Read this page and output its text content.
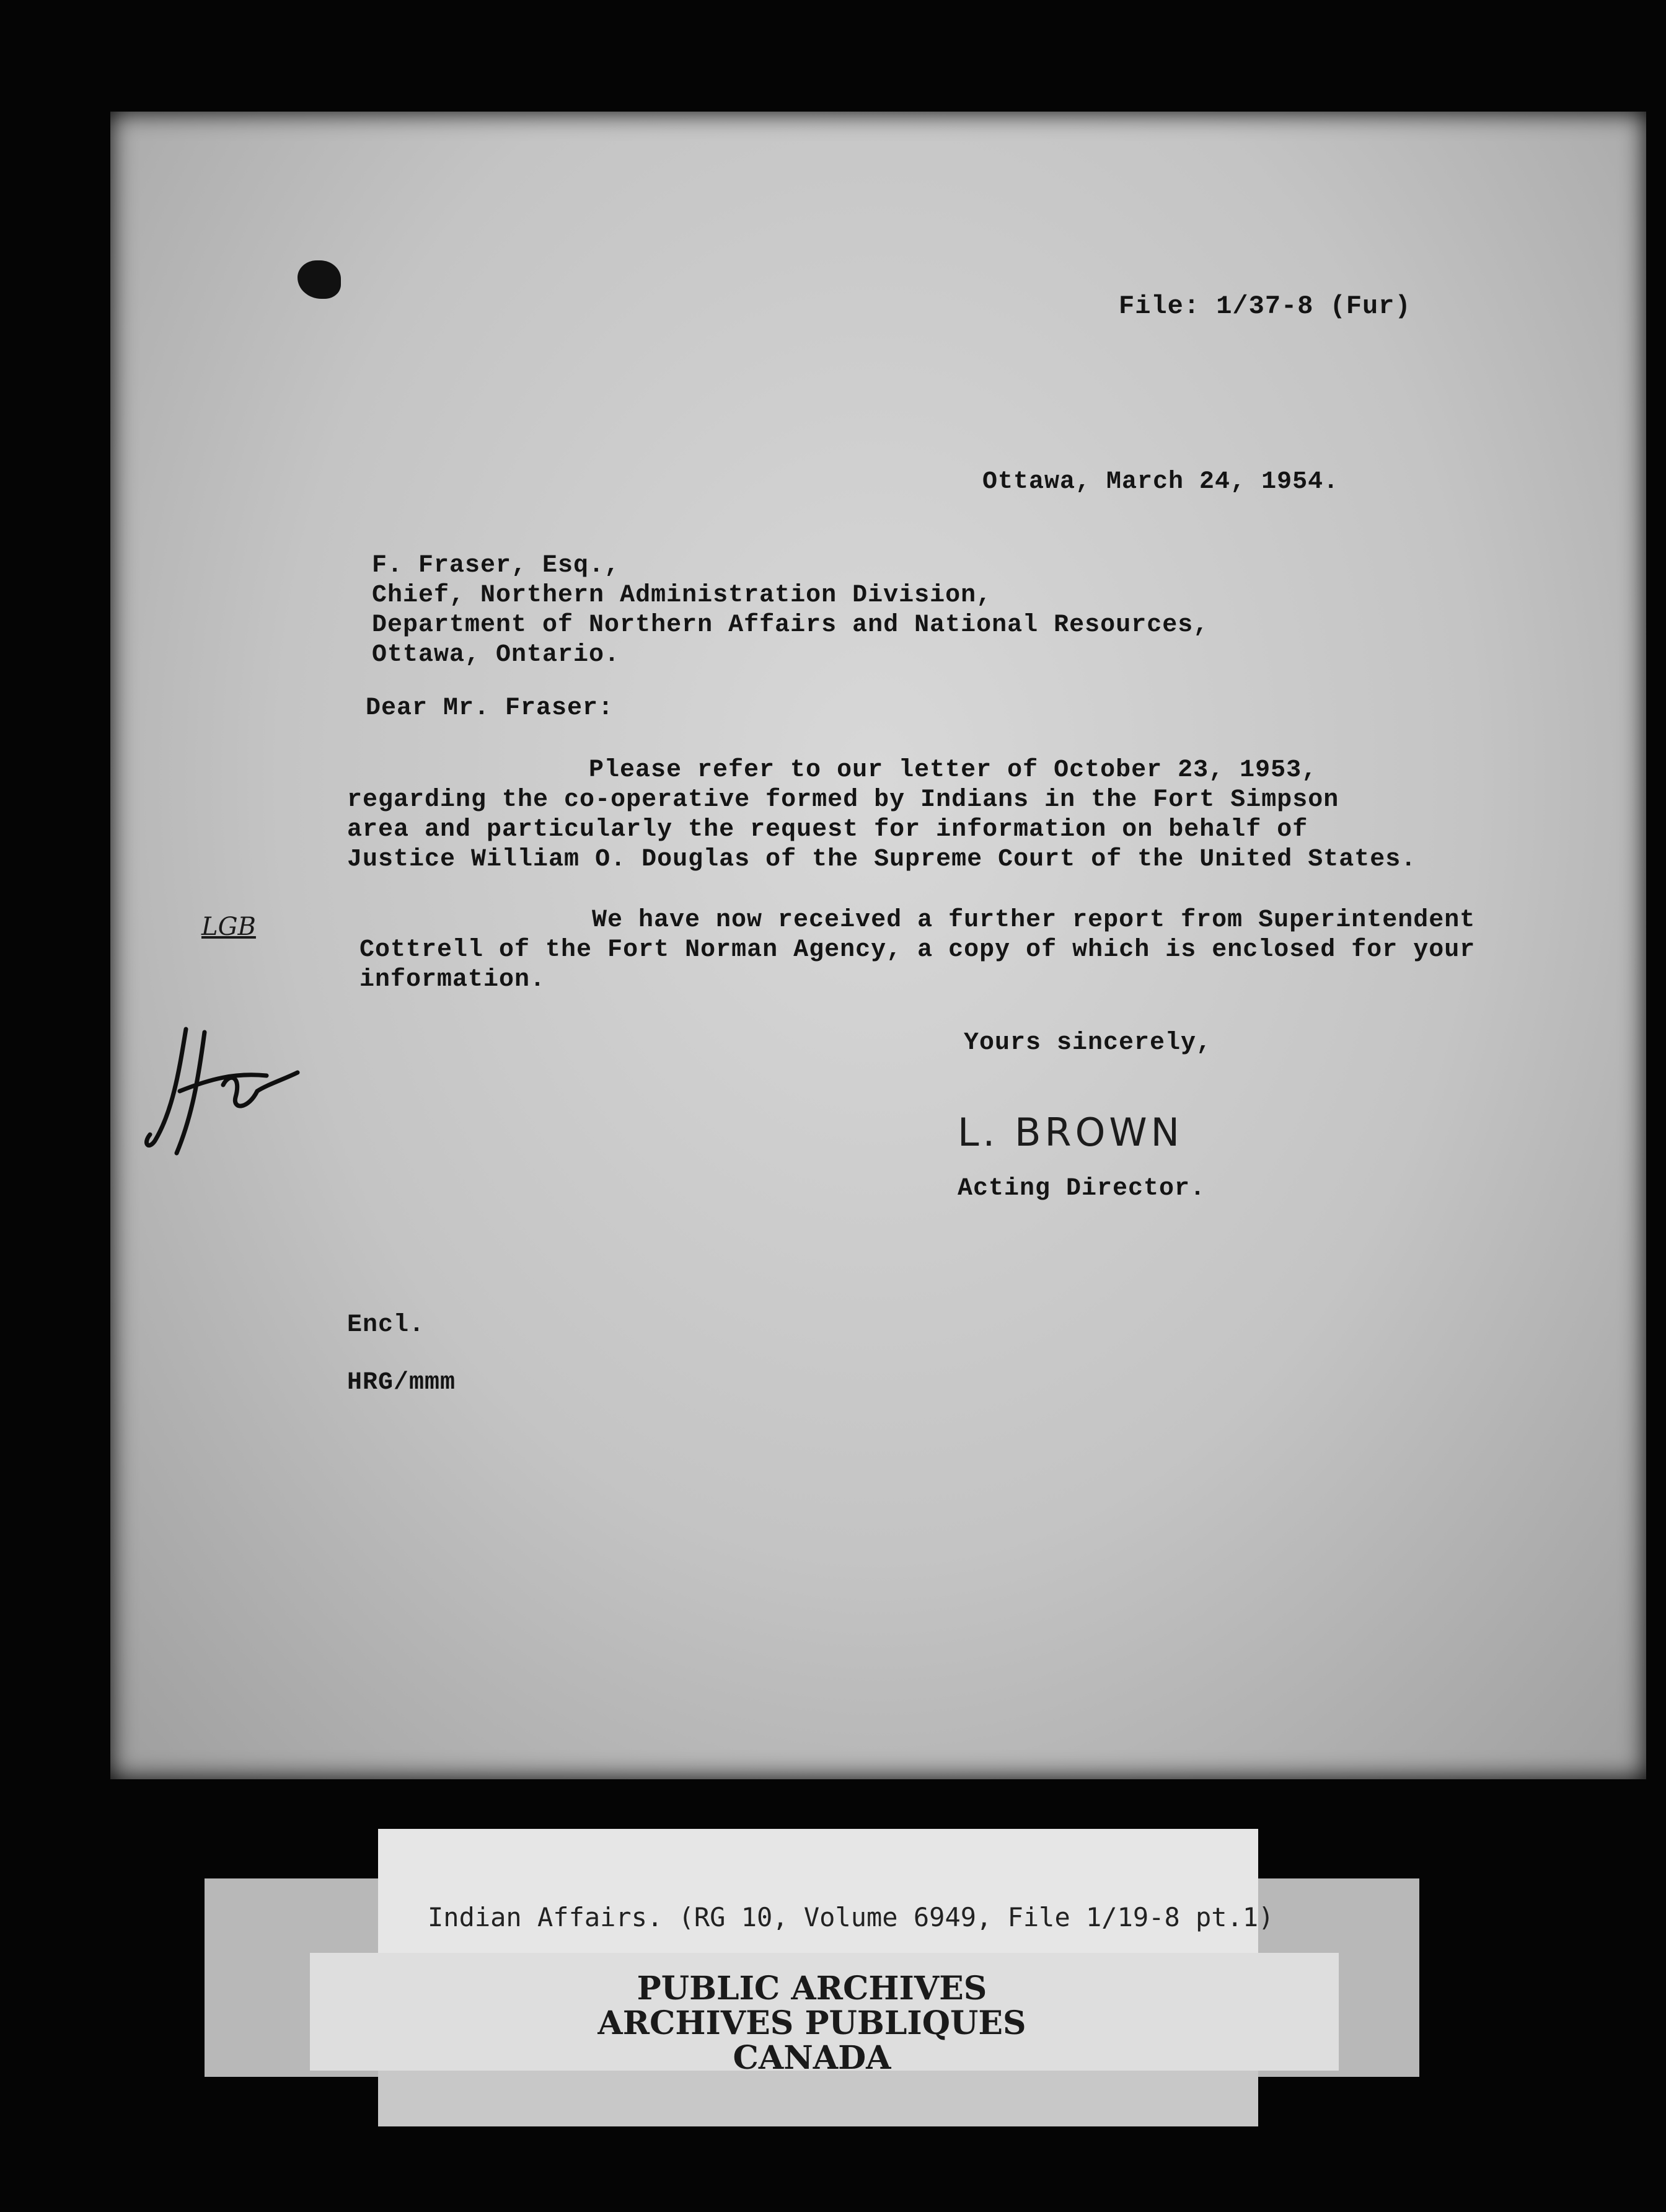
File: 1/37-8 (Fur)
Ottawa, March 24, 1954.
F. Fraser, Esq.,
Chief, Northern Administration Division,
Department of Northern Affairs and National Resources,
Ottawa, Ontario.
Dear Mr. Fraser:
Please refer to our letter of October 23, 1953,
regarding the co-operative formed by Indians in the Fort Simpson
area and particularly the request for information on behalf of
Justice William O. Douglas of the Supreme Court of the United States.
LGB	We have now received a further report from Superintendent
Cottrell of the Fort Norman Agency, a copy of which is enclosed for your
information.
Yours sincerely,
L. BROWN
Acting Director.
Encl.
HRG/mmm
Indian Affairs. (RG 10, Volume 6949, File 1/19-8 pt.1)
PUBLIC ARCHIVES
ARCHIVES PUBLIQUES
CANADA
